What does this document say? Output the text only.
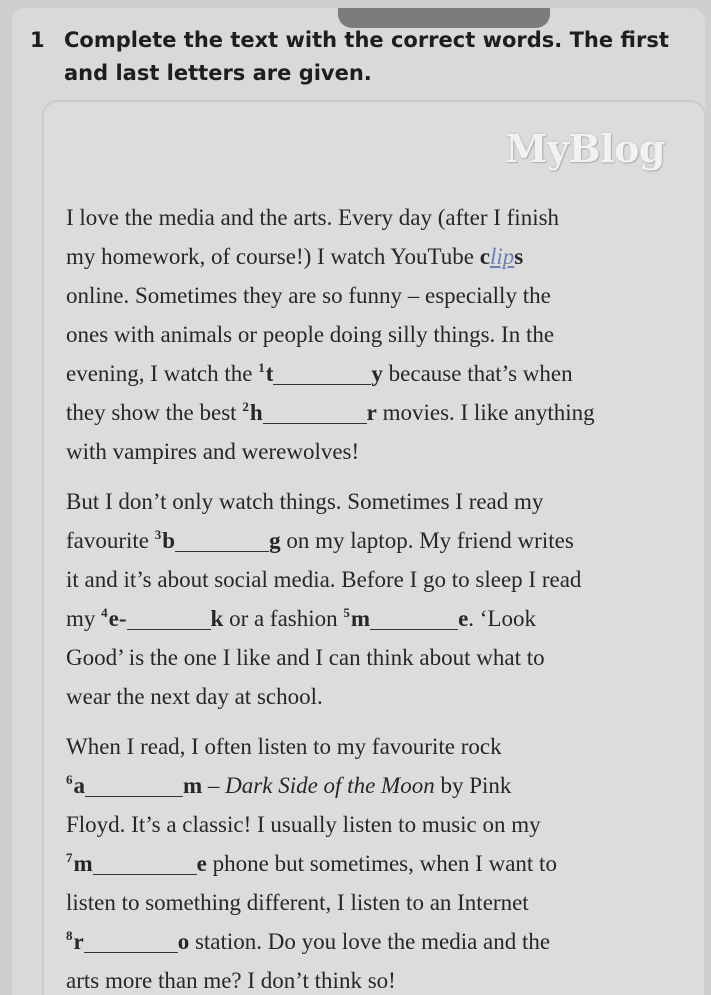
1 Complete the text with the correct words. The first
and last letters are given.
MyBlog
I love the media and the arts. Every day (after I finish
my homework, of course!) I watch YouTube clips
online. Sometimes they are so funny – especially the
ones with animals or people doing silly things. In the
evening, I watch the $^1$t	y because that’s when
they show the best $^2$h	r movies. I like anything
with vampires and werewolves!
But I don’t only watch things. Sometimes I read my
favourite $^3$b	g on my laptop. My friend writes
it and it’s about social media. Before I go to sleep I read
my $^4$e-	k or a fashion $^5$m	e. ‘Look
Good’ is the one I like and I can think about what to
wear the next day at school.
When I read, I often listen to my favourite rock
$^6$a	m – Dark Side of the Moon by Pink
Floyd. It’s a classic! I usually listen to music on my
$^7$m	e phone but sometimes, when I want to
listen to something different, I listen to an Internet
$^8$r	o station. Do you love the media and the
arts more than me? I don’t think so!
